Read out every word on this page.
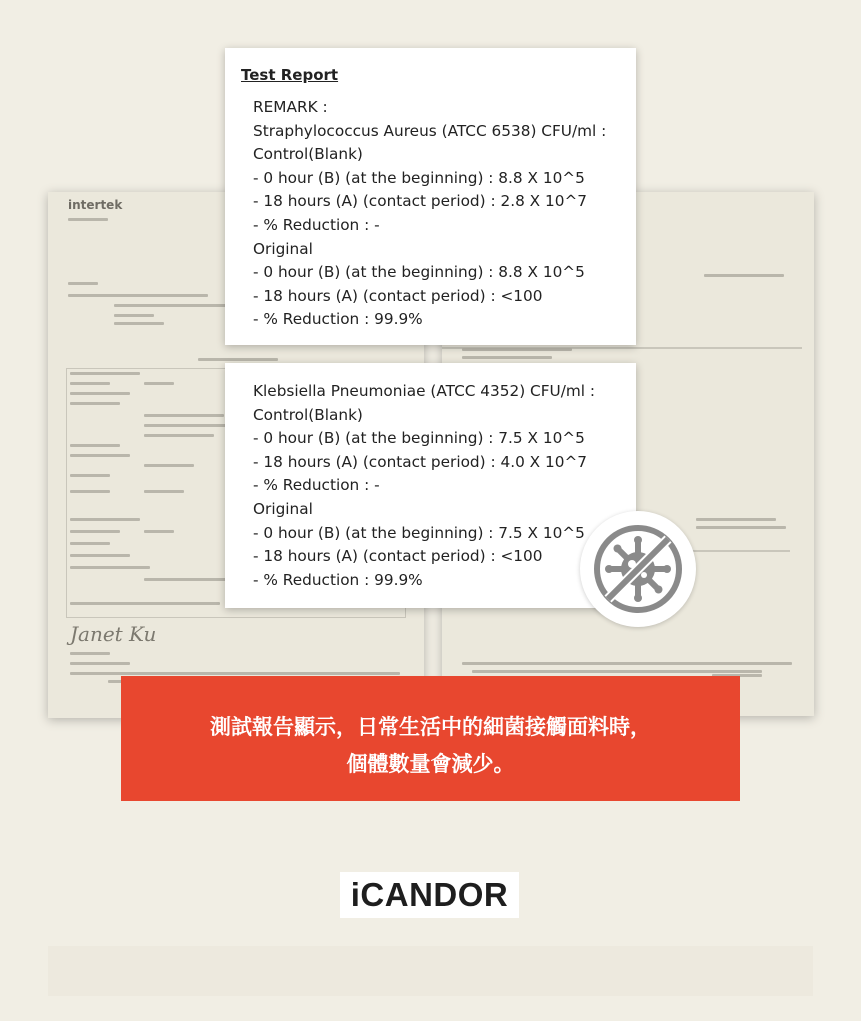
intertek
Janet Ku
Test Report
REMARK :
Straphylococcus Aureus (ATCC 6538) CFU/ml :
Control(Blank)
- 0 hour (B) (at the beginning) : 8.8 X 10^5
- 18 hours (A) (contact period) : 2.8 X 10^7
- % Reduction : -
Original
- 0 hour (B) (at the beginning) : 8.8 X 10^5
- 18 hours (A) (contact period) : <100
- % Reduction : 99.9%
Klebsiella Pneumoniae (ATCC 4352) CFU/ml :
Control(Blank)
- 0 hour (B) (at the beginning) : 7.5 X 10^5
- 18 hours (A) (contact period) : 4.0 X 10^7
- % Reduction : -
Original
- 0 hour (B) (at the beginning) : 7.5 X 10^5
- 18 hours (A) (contact period) : <100
- % Reduction : 99.9%
測試報告顯示，日常生活中的細菌接觸面料時，
個體數量會減少。
iCANDOR
